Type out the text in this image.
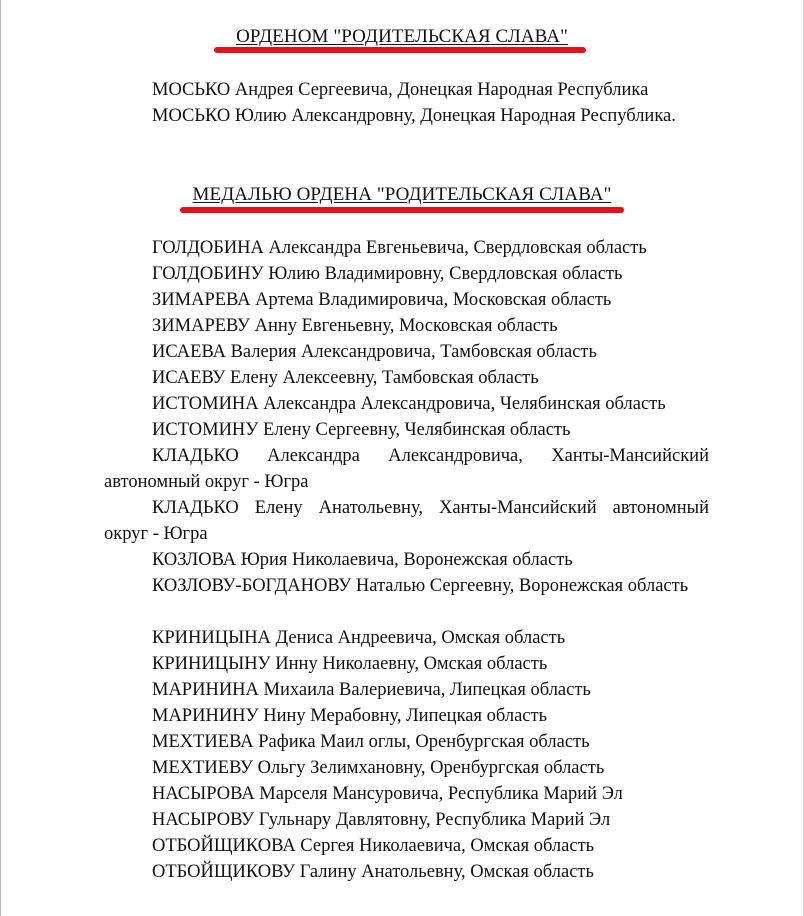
ОРДЕНОМ "РОДИТЕЛЬСКАЯ СЛАВА"

МОСЬКО Андрея Сергеевича, Донецкая Народная Республика

МОСЬКО Юлию Александровну, Донецкая Народная Республика.

МЕДАЛЬЮ ОРДЕНА "РОДИТЕЛЬСКАЯ СЛАВА"

ГОЛДОБИНА Александра Евгеньевича, Свердловская область

ГОЛДОБИНУ Юлию Владимировну, Свердловская область

ЗИМАРЕВА Артема Владимировича, Московская область

ЗИМАРЕВУ Анну Евгеньевну, Московская область

ИСАЕВА Валерия Александровича, Тамбовская область

ИСАЕВУ Елену Алексеевну, Тамбовская область

ИСТОМИНА Александра Александровича, Челябинская область

ИСТОМИНУ Елену Сергеевну, Челябинская область

КЛАДЬКО Александра Александровича, Ханты-Мансийский автономный округ - Югра

КЛАДЬКО Елену Анатольевну, Ханты-Мансийский автономный округ - Югра

КОЗЛОВА Юрия Николаевича, Воронежская область

КОЗЛОВУ-БОГДАНОВУ Наталью Сергеевну, Воронежская область

КРИНИЦЫНА Дениса Андреевича, Омская область

КРИНИЦЫНУ Инну Николаевну, Омская область

МАРИНИНА Михаила Валериевича, Липецкая область

МАРИНИНУ Нину Мерабовну, Липецкая область

МЕХТИЕВА Рафика Маил оглы, Оренбургская область

МЕХТИЕВУ Ольгу Зелимхановну, Оренбургская область

НАСЫРОВА Марселя Мансуровича, Республика Марий Эл

НАСЫРОВУ Гульнару Давлятовну, Республика Марий Эл

ОТБОЙЩИКОВА Сергея Николаевича, Омская область

ОТБОЙЩИКОВУ Галину Анатольевну, Омская область
